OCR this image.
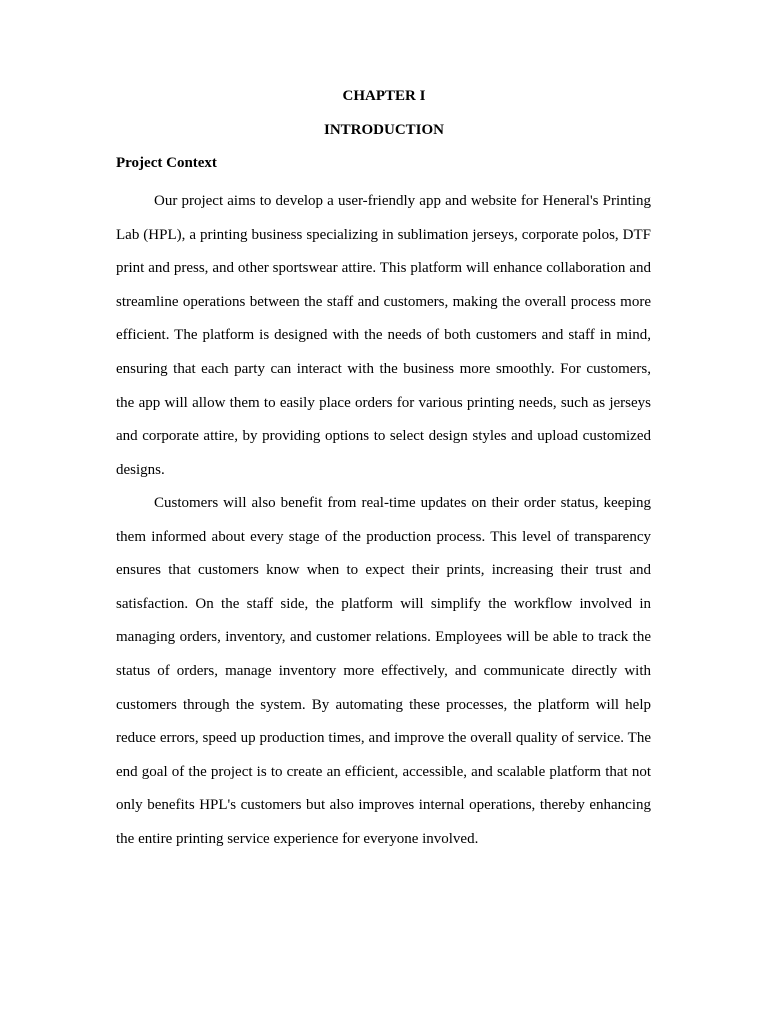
CHAPTER I
INTRODUCTION
Project Context

Our project aims to develop a user-friendly app and website for Heneral's Printing Lab (HPL), a printing business specializing in sublimation jerseys, corporate polos, DTF print and press, and other sportswear attire. This platform will enhance collaboration and streamline operations between the staff and customers, making the overall process more efficient. The platform is designed with the needs of both customers and staff in mind, ensuring that each party can interact with the business more smoothly. For customers, the app will allow them to easily place orders for various printing needs, such as jerseys and corporate attire, by providing options to select design styles and upload customized designs.

Customers will also benefit from real-time updates on their order status, keeping them informed about every stage of the production process. This level of transparency ensures that customers know when to expect their prints, increasing their trust and satisfaction. On the staff side, the platform will simplify the workflow involved in managing orders, inventory, and customer relations. Employees will be able to track the status of orders, manage inventory more effectively, and communicate directly with customers through the system. By automating these processes, the platform will help reduce errors, speed up production times, and improve the overall quality of service. The end goal of the project is to create an efficient, accessible, and scalable platform that not only benefits HPL's customers but also improves internal operations, thereby enhancing the entire printing service experience for everyone involved.
